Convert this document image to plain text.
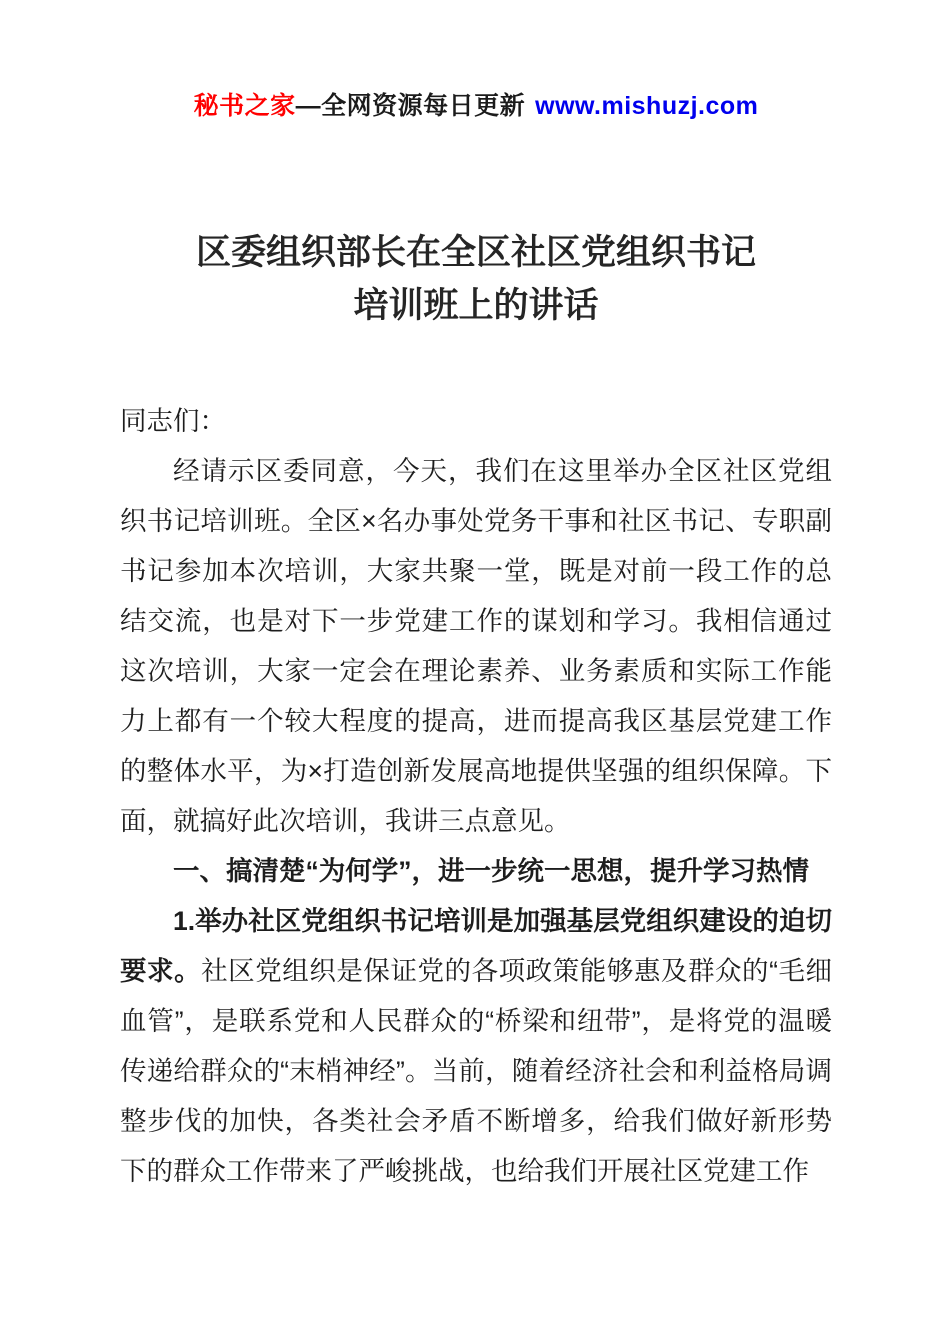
秘书之家—全网资源每日更新 www.mishuzj.com
区委组织部长在全区社区党组织书记
培训班上的讲话

同志们：

经请示区委同意，今天，我们在这里举办全区社区党组织书记培训班。全区×名办事处党务干事和社区书记、专职副书记参加本次培训，大家共聚一堂，既是对前一段工作的总结交流，也是对下一步党建工作的谋划和学习。我相信通过这次培训，大家一定会在理论素养、业务素质和实际工作能力上都有一个较大程度的提高，进而提高我区基层党建工作的整体水平，为×打造创新发展高地提供坚强的组织保障。下面，就搞好此次培训，我讲三点意见。

一、搞清楚“为何学”，进一步统一思想，提升学习热情

1.举办社区党组织书记培训是加强基层党组织建设的迫切要求。社区党组织是保证党的各项政策能够惠及群众的“毛细血管”，是联系党和人民群众的“桥梁和纽带”，是将党的温暖传递给群众的“末梢神经”。当前，随着经济社会和利益格局调整步伐的加快，各类社会矛盾不断增多，给我们做好新形势下的群众工作带来了严峻挑战，也给我们开展社区党建工作
